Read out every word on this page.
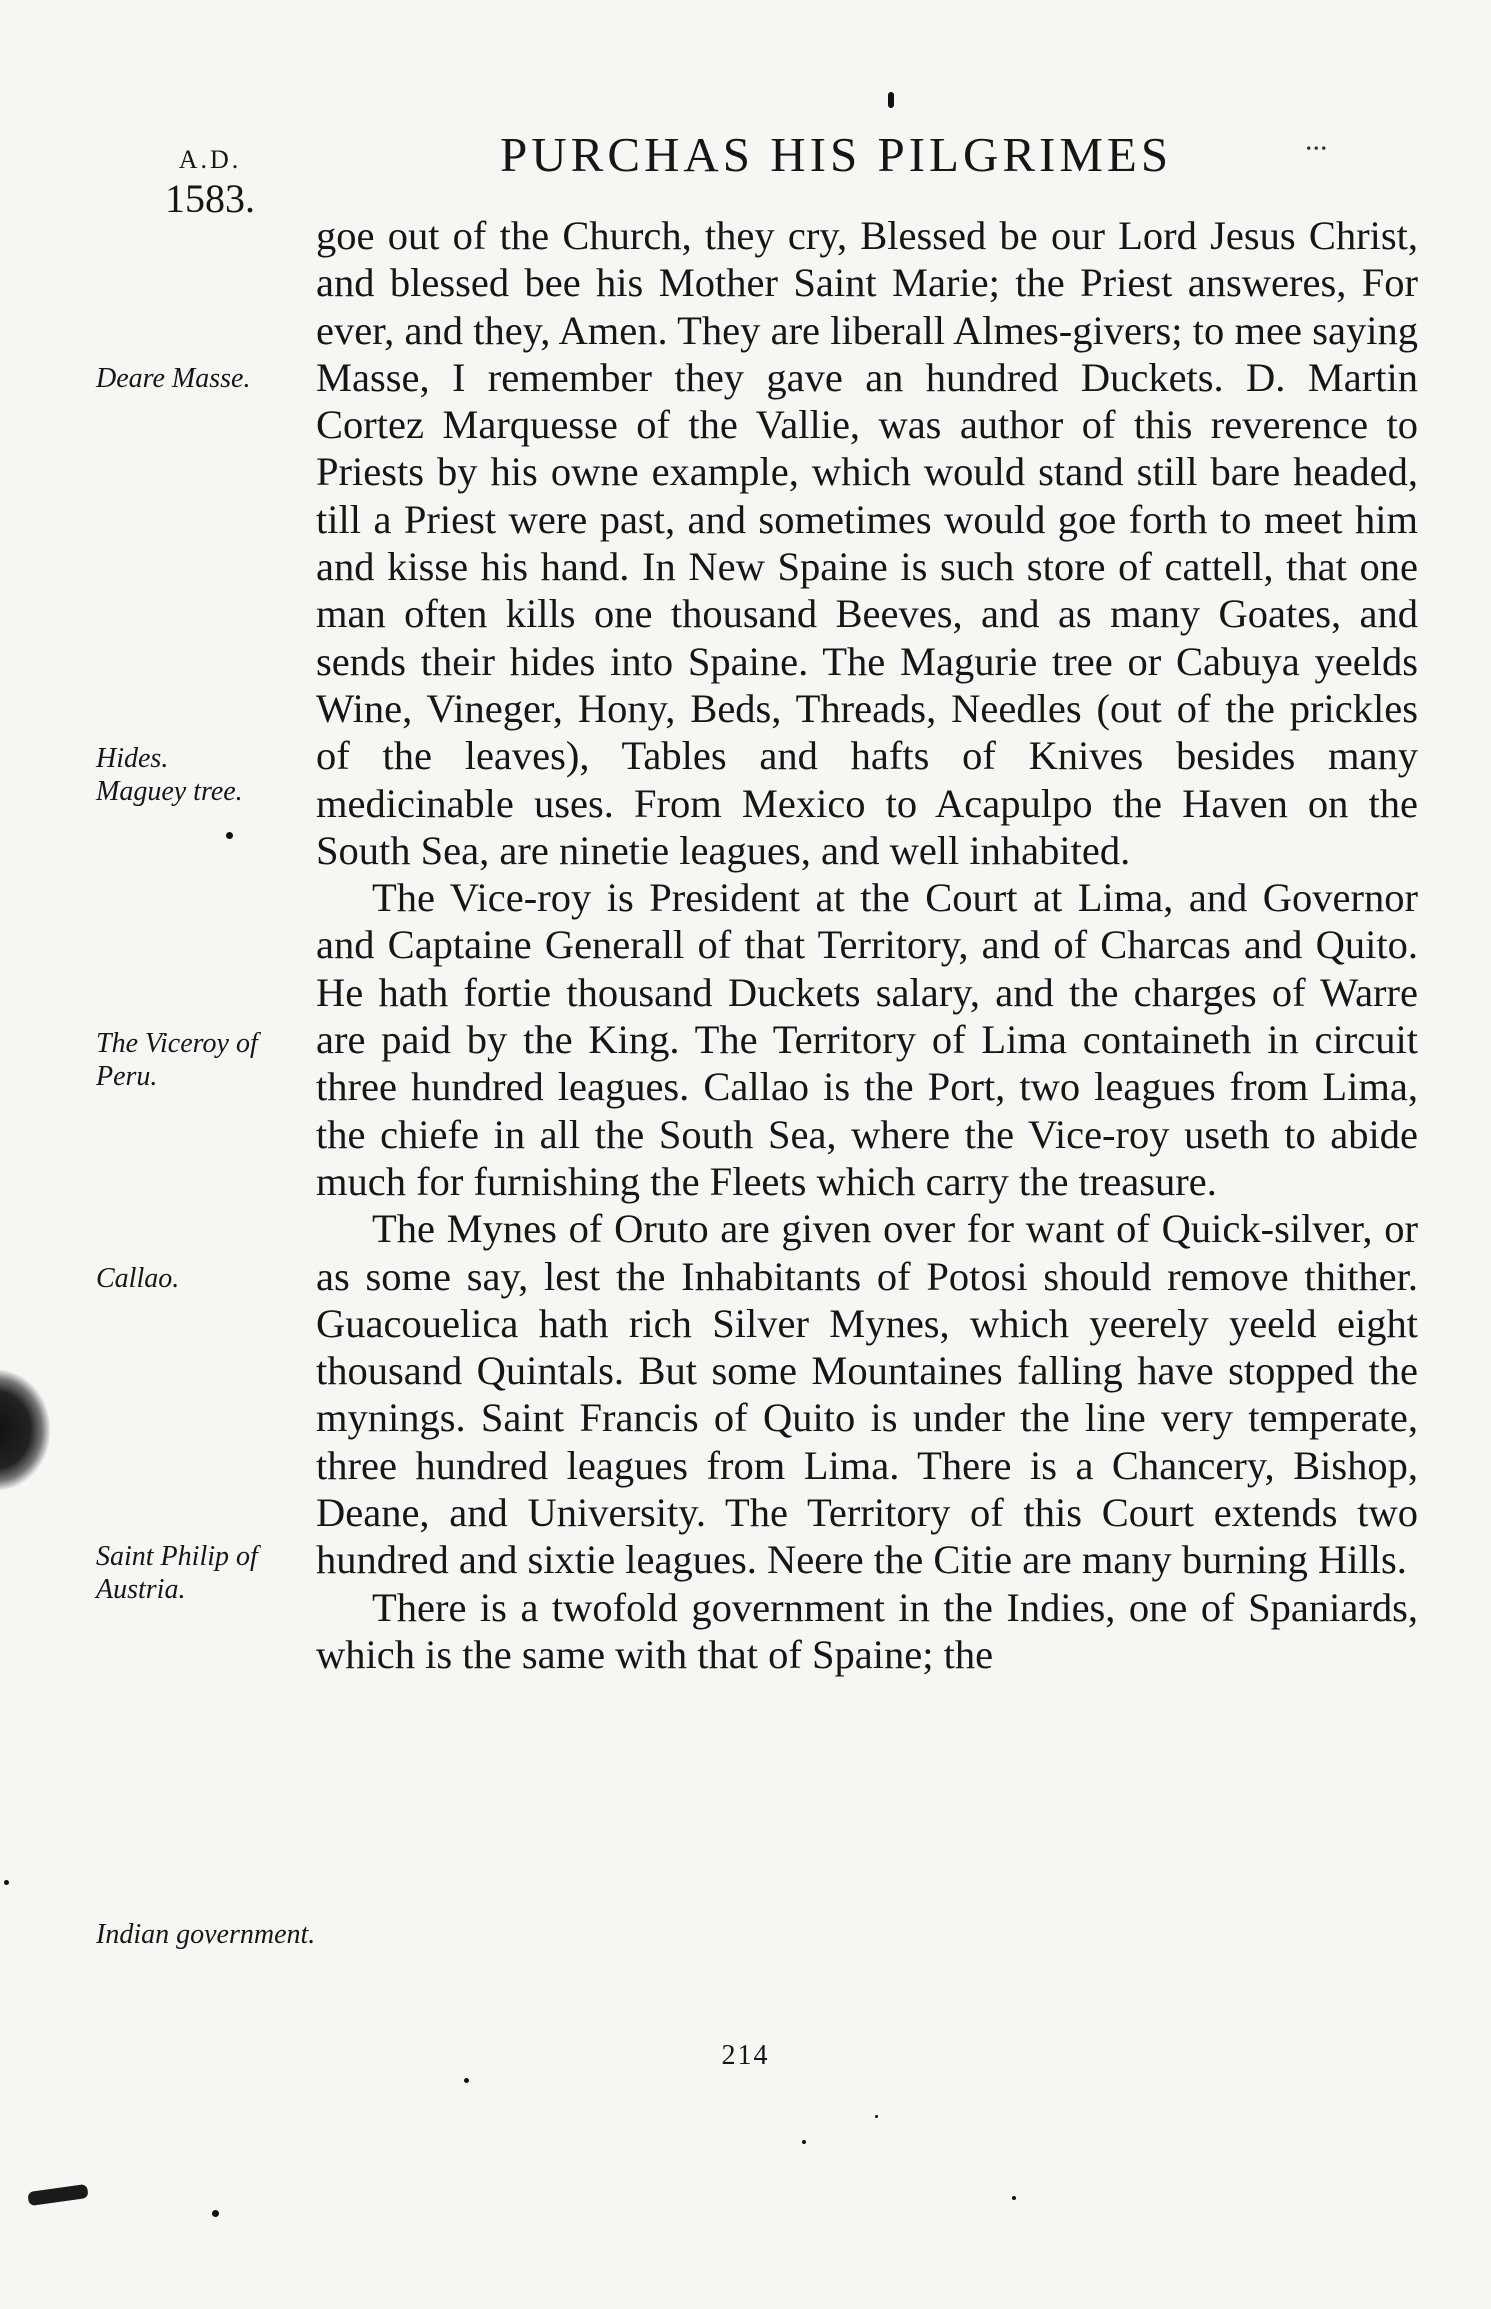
A.D.
1583.
PURCHAS HIS PILGRIMES	∙∙∙
Deare Masse.
Hides.
Maguey tree.
The Viceroy of Peru.
Callao.
Saint Philip of Austria.
Indian government.

goe out of the Church, they cry, Blessed be our Lord Jesus Christ, and blessed bee his Mother Saint Marie; the Priest answeres, For ever, and they, Amen. They are liberall Almes-givers; to mee saying Masse, I remember they gave an hundred Duckets. D. Martin Cortez Marquesse of the Vallie, was author of this reverence to Priests by his owne example, which would stand still bare headed, till a Priest were past, and sometimes would goe forth to meet him and kisse his hand. In New Spaine is such store of cattell, that one man often kills one thousand Beeves, and as many Goates, and sends their hides into Spaine. The Magurie tree or Cabuya yeelds Wine, Vineger, Hony, Beds, Threads, Needles (out of the prickles of the leaves), Tables and hafts of Knives besides many medicinable uses. From Mexico to Acapulpo the Haven on the South Sea, are ninetie leagues, and well inhabited.

The Vice-roy is President at the Court at Lima, and Governor and Captaine Generall of that Territory, and of Charcas and Quito. He hath fortie thousand Duckets salary, and the charges of Warre are paid by the King. The Territory of Lima containeth in circuit three hundred leagues. Callao is the Port, two leagues from Lima, the chiefe in all the South Sea, where the Vice-roy useth to abide much for furnishing the Fleets which carry the treasure.

The Mynes of Oruto are given over for want of Quick-silver, or as some say, lest the Inhabitants of Potosi should remove thither. Guacouelica hath rich Silver Mynes, which yeerely yeeld eight thousand Quintals. But some Mountaines falling have stopped the mynings. Saint Francis of Quito is under the line very temperate, three hundred leagues from Lima. There is a Chancery, Bishop, Deane, and University. The Territory of this Court extends two hundred and sixtie leagues. Neere the Citie are many burning Hills.

There is a twofold government in the Indies, one of Spaniards, which is the same with that of Spaine; the

214
